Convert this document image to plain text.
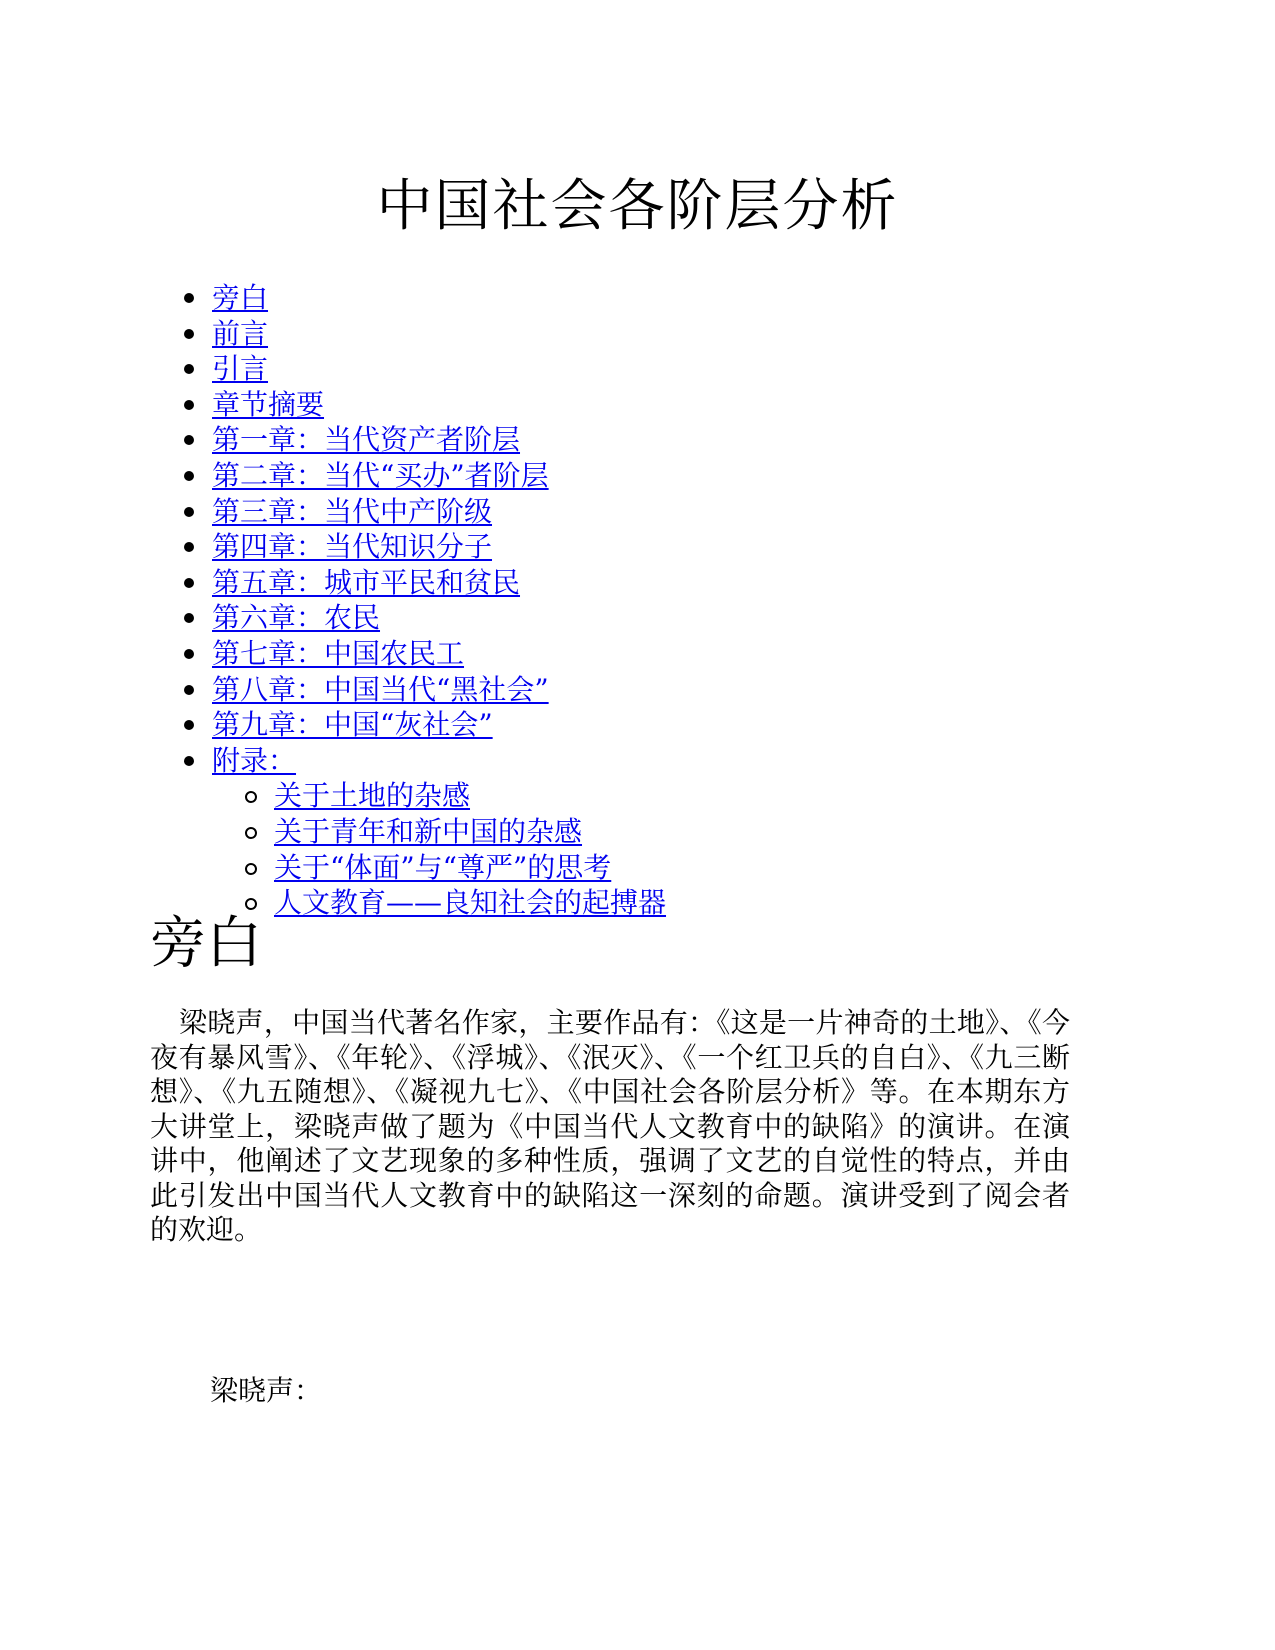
中国社会各阶层分析
旁白
前言
引言
章节摘要
第一章：当代资产者阶层
第二章：当代“买办”者阶层
第三章：当代中产阶级
第四章：当代知识分子
第五章：城市平民和贫民
第六章：农民
第七章：中国农民工
第八章：中国当代“黑社会”
第九章：中国“灰社会”
附录：
关于土地的杂感
关于青年和新中国的杂感
关于“体面”与“尊严”的思考
人文教育——良知社会的起搏器
旁白

梁晓声，中国当代著名作家，主要作品有：《这是一片神奇的土地》、《今夜有暴风雪》、《年轮》、《浮城》、《泯灭》、《一个红卫兵的自白》、《九三断想》、《九五随想》、《凝视九七》、《中国社会各阶层分析》等。在本期东方大讲堂上，梁晓声做了题为《中国当代人文教育中的缺陷》的演讲。在演讲中，他阐述了文艺现象的多种性质，强调了文艺的自觉性的特点，并由此引发出中国当代人文教育中的缺陷这一深刻的命题。演讲受到了阅会者的欢迎。

梁晓声：
